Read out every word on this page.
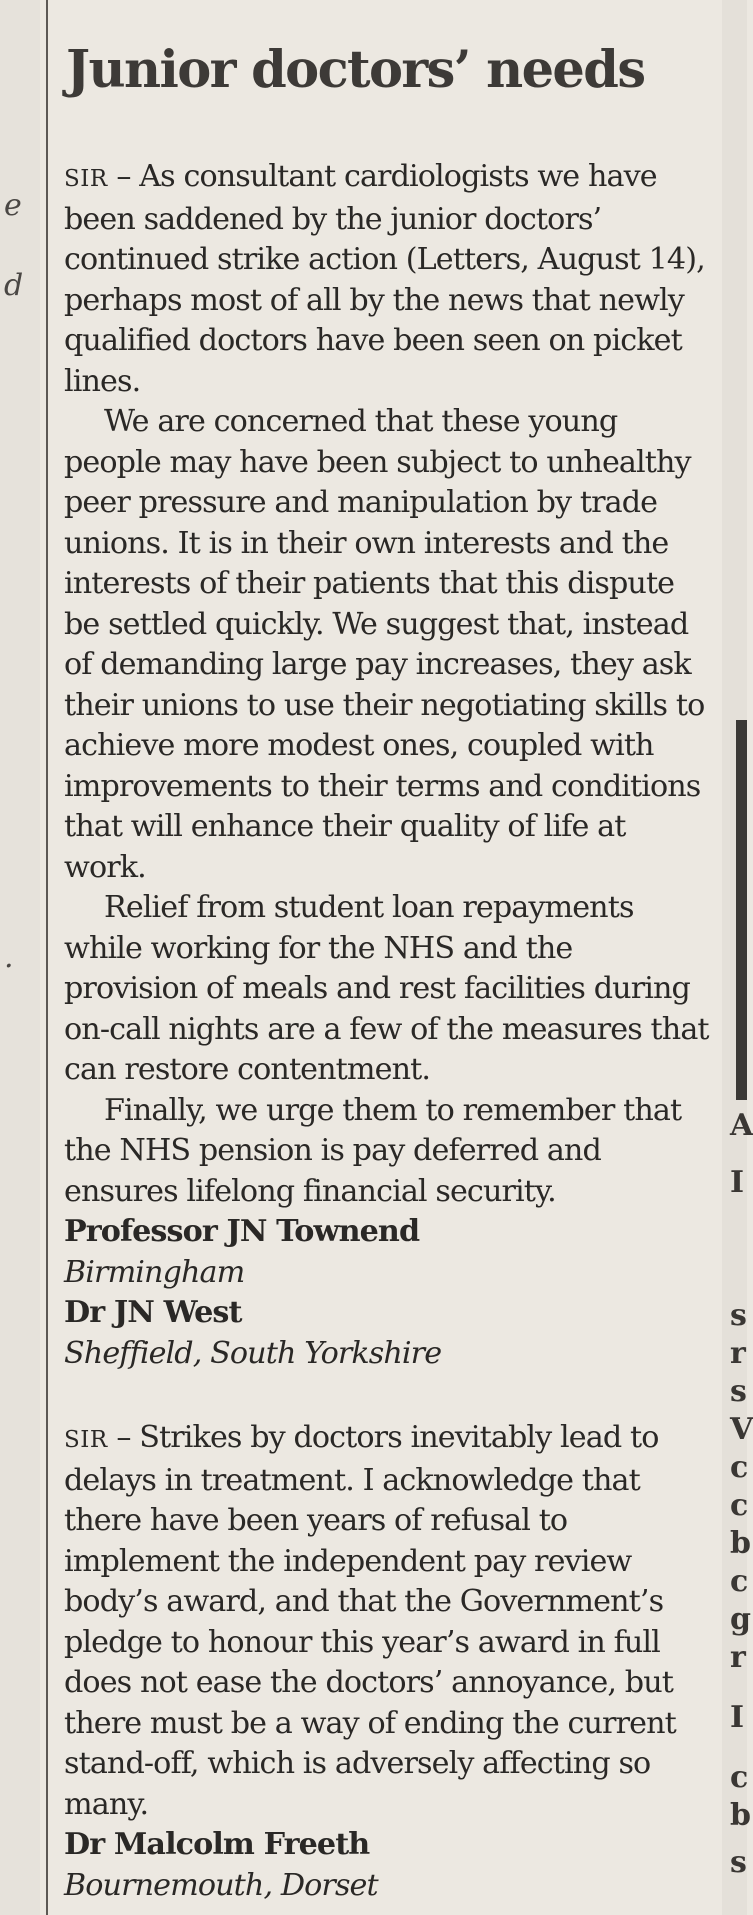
e
d
.
A
I
s
r
s
V
c
c
b
c
g
r
I
c
b
s
Junior doctors’ needs

SIR – As consultant cardiologists we have been saddened by the junior doctors’ continued strike action (Letters, August 14), perhaps most of all by the news that newly qualified doctors have been seen on picket lines.

We are concerned that these young people may have been subject to unhealthy peer pressure and manipulation by trade unions. It is in their own interests and the interests of their patients that this dispute be settled quickly. We suggest that, instead of demanding large pay increases, they ask their unions to use their negotiating skills to achieve more modest ones, coupled with improvements to their terms and conditions that will enhance their quality of life at work.

Relief from student loan repayments while working for the NHS and the provision of meals and rest facilities during on-call nights are a few of the measures that can restore contentment.

Finally, we urge them to remember that the NHS pension is pay deferred and ensures lifelong financial security.

Professor JN Townend
Birmingham
Dr JN West
Sheffield, South Yorkshire

SIR – Strikes by doctors inevitably lead to delays in treatment. I acknowledge that there have been years of refusal to implement the independent pay review body’s award, and that the Government’s pledge to honour this year’s award in full does not ease the doctors’ annoyance, but there must be a way of ending the current stand-off, which is adversely affecting so many.

Dr Malcolm Freeth
Bournemouth, Dorset
